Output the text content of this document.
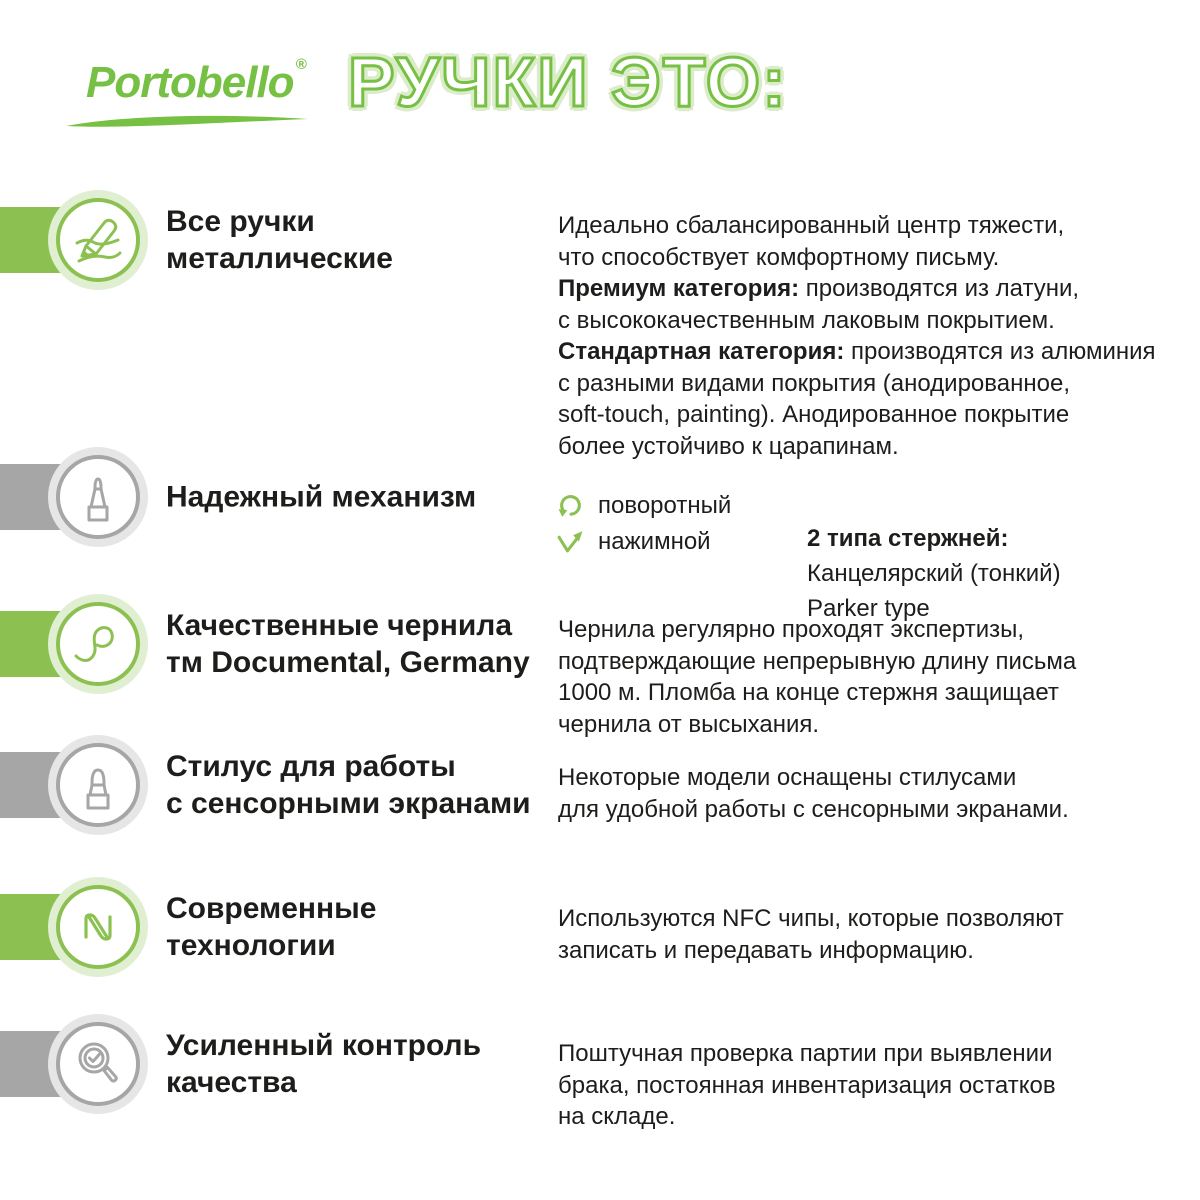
Portobello ® РУЧКИ ЭТО:
Все ручки
металлические
Идеально сбалансированный центр тяжести,
что способствует комфортному письму.
Премиум категория: производятся из латуни,
с высококачественным лаковым покрытием.
Стандартная категория: производятся из алюминия
с разными видами покрытия (анодированное,
soft-touch, painting). Анодированное покрытие
более устойчиво к царапинам.
Надежный механизм	поворотный
нажимной	2 типа стержней:
Канцелярский (тонкий)
Parker type

Качественные чернила
тм Documental, Germany
Чернила регулярно проходят экспертизы,
подтверждающие непрерывную длину письма
1000 м. Пломба на конце стержня защищает
чернила от высыхания.
Стилус для работы
с сенсорными экранами
Некоторые модели оснащены стилусами
для удобной работы с сенсорными экранами.
Современные
технологии
Используются NFC чипы, которые позволяют
записать и передавать информацию.
Усиленный контроль
качества
Поштучная проверка партии при выявлении
брака, постоянная инвентаризация остатков
на складе.
